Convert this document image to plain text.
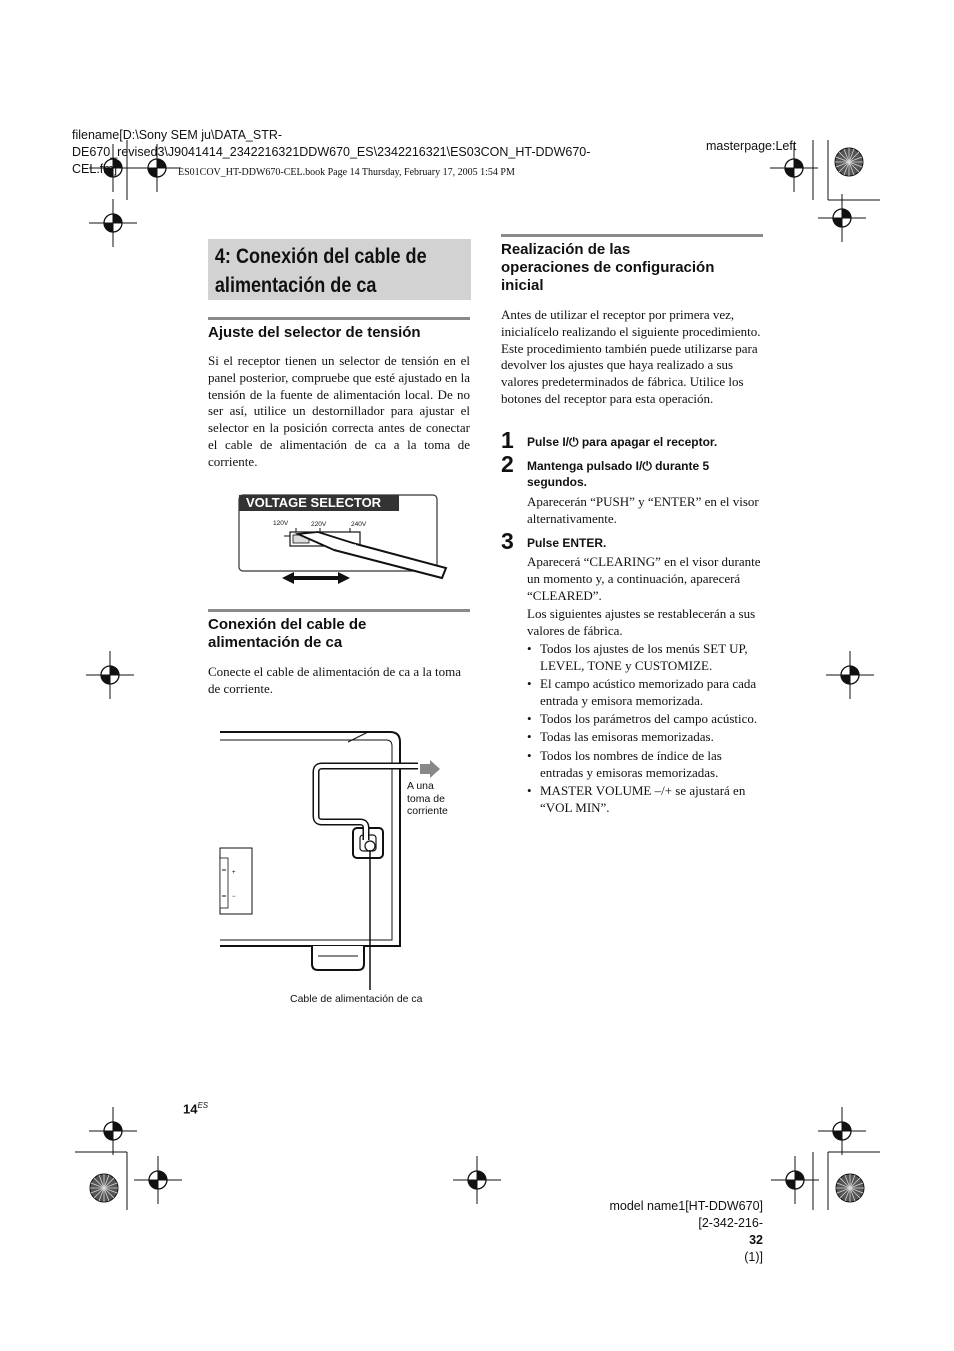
filename[D:\Sony SEM ju\DATA_STR-
DE670_revised3\J9041414_2342216321DDW670_ES\2342216321\ES03CON_HT-DDW670-
CEL.fm]
masterpage:Left
ES01COV_HT-DDW670-CEL.book Page 14 Thursday, February 17, 2005 1:54 PM
4: Conexión del cable de
alimentación de ca
Ajuste del selector de tensión

Si el receptor tienen un selector de tensión en el panel posterior, compruebe que esté ajustado en la tensión de la fuente de alimentación local. De no ser así, utilice un destornillador para ajustar el selector en la posición correcta antes de conectar el cable de alimentación de ca a la toma de corriente.

VOLTAGE SELECTOR
120V	220V	240V
Conexión del cable de
alimentación de ca

Conecte el cable de alimentación de ca a la toma de corriente.

+
−
A una
toma de
corriente
Cable de alimentación de ca
Realización de las
operaciones de configuración
inicial

Antes de utilizar el receptor por primera vez, inicialícelo realizando el siguiente procedimiento.

Este procedimiento también puede utilizarse para devolver los ajustes que haya realizado a sus valores predeterminados de fábrica. Utilice los botones del receptor para esta operación.

1 Pulse I/⏻ para apagar el receptor.
2 Mantenga pulsado I/⏻ durante 5 segundos.
Aparecerán “PUSH” y “ENTER” en el visor alternativamente.
3 Pulse ENTER.
Aparecerá “CLEARING” en el visor durante un momento y, a continuación, aparecerá “CLEARED”.
Los siguientes ajustes se restablecerán a sus valores de fábrica.
• Todos los ajustes de los menús SET UP, LEVEL, TONE y CUSTOMIZE.
• El campo acústico memorizado para cada entrada y emisora memorizada.
• Todos los parámetros del campo acústico.
• Todas las emisoras memorizadas.
• Todos los nombres de índice de las entradas y emisoras memorizadas.
• MASTER VOLUME –/+ se ajustará en “VOL MIN”.
$14^{ES}$
model name1[HT-DDW670]
[2-342-216-
32
(1)]
